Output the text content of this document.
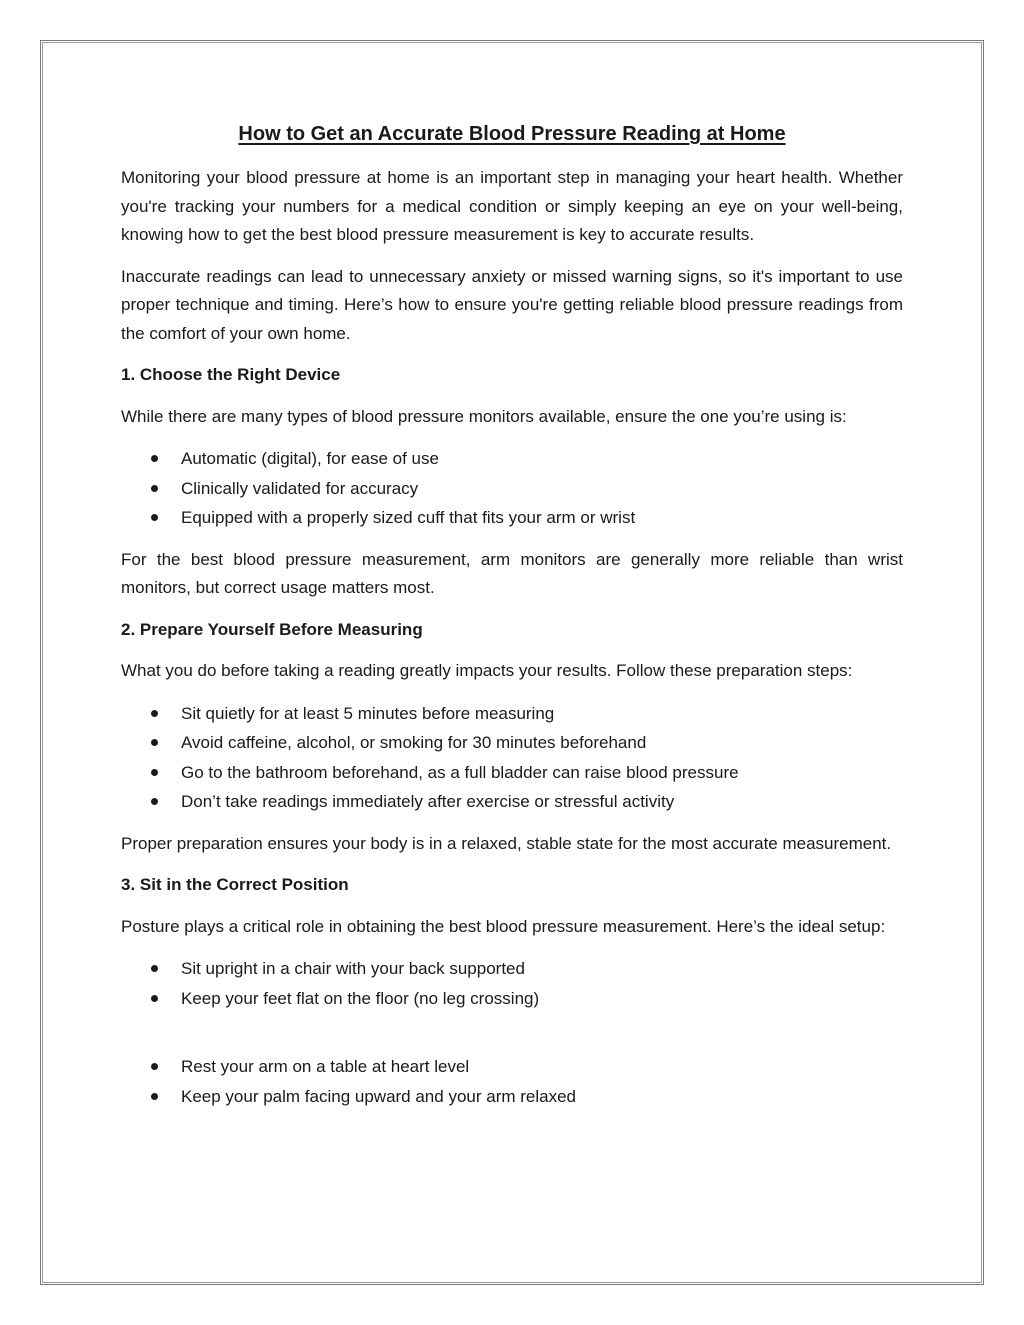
How to Get an Accurate Blood Pressure Reading at Home

Monitoring your blood pressure at home is an important step in managing your heart health. Whether you're tracking your numbers for a medical condition or simply keeping an eye on your well-being, knowing how to get the best blood pressure measurement is key to accurate results.

Inaccurate readings can lead to unnecessary anxiety or missed warning signs, so it's important to use proper technique and timing. Here’s how to ensure you're getting reliable blood pressure readings from the comfort of your own home.

1. Choose the Right Device

While there are many types of blood pressure monitors available, ensure the one you’re using is:

Automatic (digital), for ease of use
Clinically validated for accuracy
Equipped with a properly sized cuff that fits your arm or wrist

For the best blood pressure measurement, arm monitors are generally more reliable than wrist monitors, but correct usage matters most.

2. Prepare Yourself Before Measuring

What you do before taking a reading greatly impacts your results. Follow these preparation steps:

Sit quietly for at least 5 minutes before measuring
Avoid caffeine, alcohol, or smoking for 30 minutes beforehand
Go to the bathroom beforehand, as a full bladder can raise blood pressure
Don’t take readings immediately after exercise or stressful activity

Proper preparation ensures your body is in a relaxed, stable state for the most accurate measurement.

3. Sit in the Correct Position

Posture plays a critical role in obtaining the best blood pressure measurement. Here’s the ideal setup:

Sit upright in a chair with your back supported
Keep your feet flat on the floor (no leg crossing)
Rest your arm on a table at heart level
Keep your palm facing upward and your arm relaxed
